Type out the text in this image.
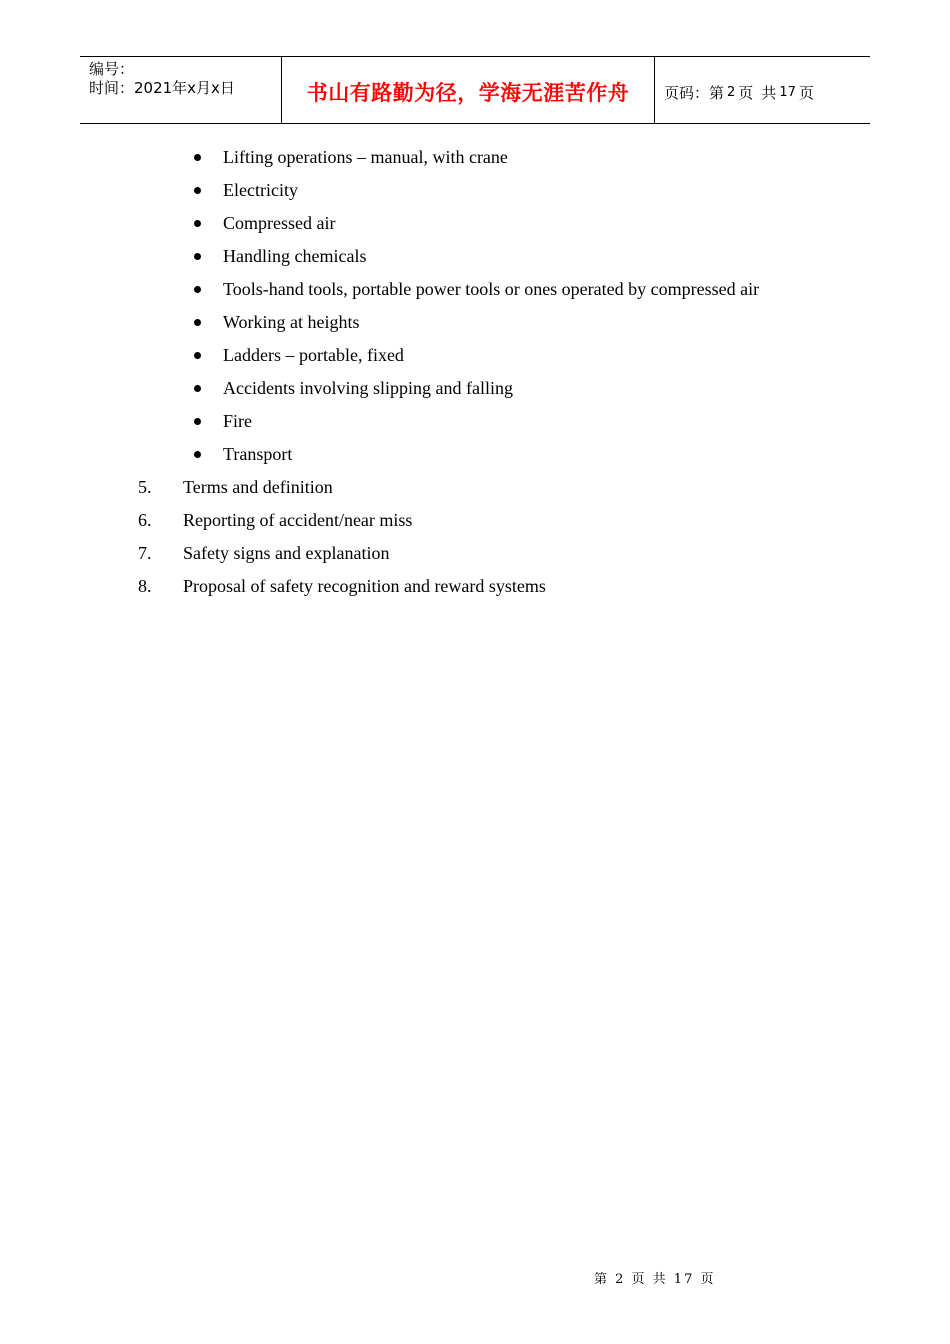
编号：
时间：2021年x月x日	书山有路勤为径，学海无涯苦作舟	页码：第 2 页 共 17 页
Lifting operations – manual, with crane
Electricity
Compressed air
Handling chemicals
Tools-hand tools, portable power tools or ones operated by compressed air
Working at heights
Ladders – portable, fixed
Accidents involving slipping and falling
Fire
Transport
5.	Terms and definition
6.	Reporting of accident/near miss
7.	Safety signs and explanation
8.	Proposal of safety recognition and reward systems
第 2 页 共 17 页
